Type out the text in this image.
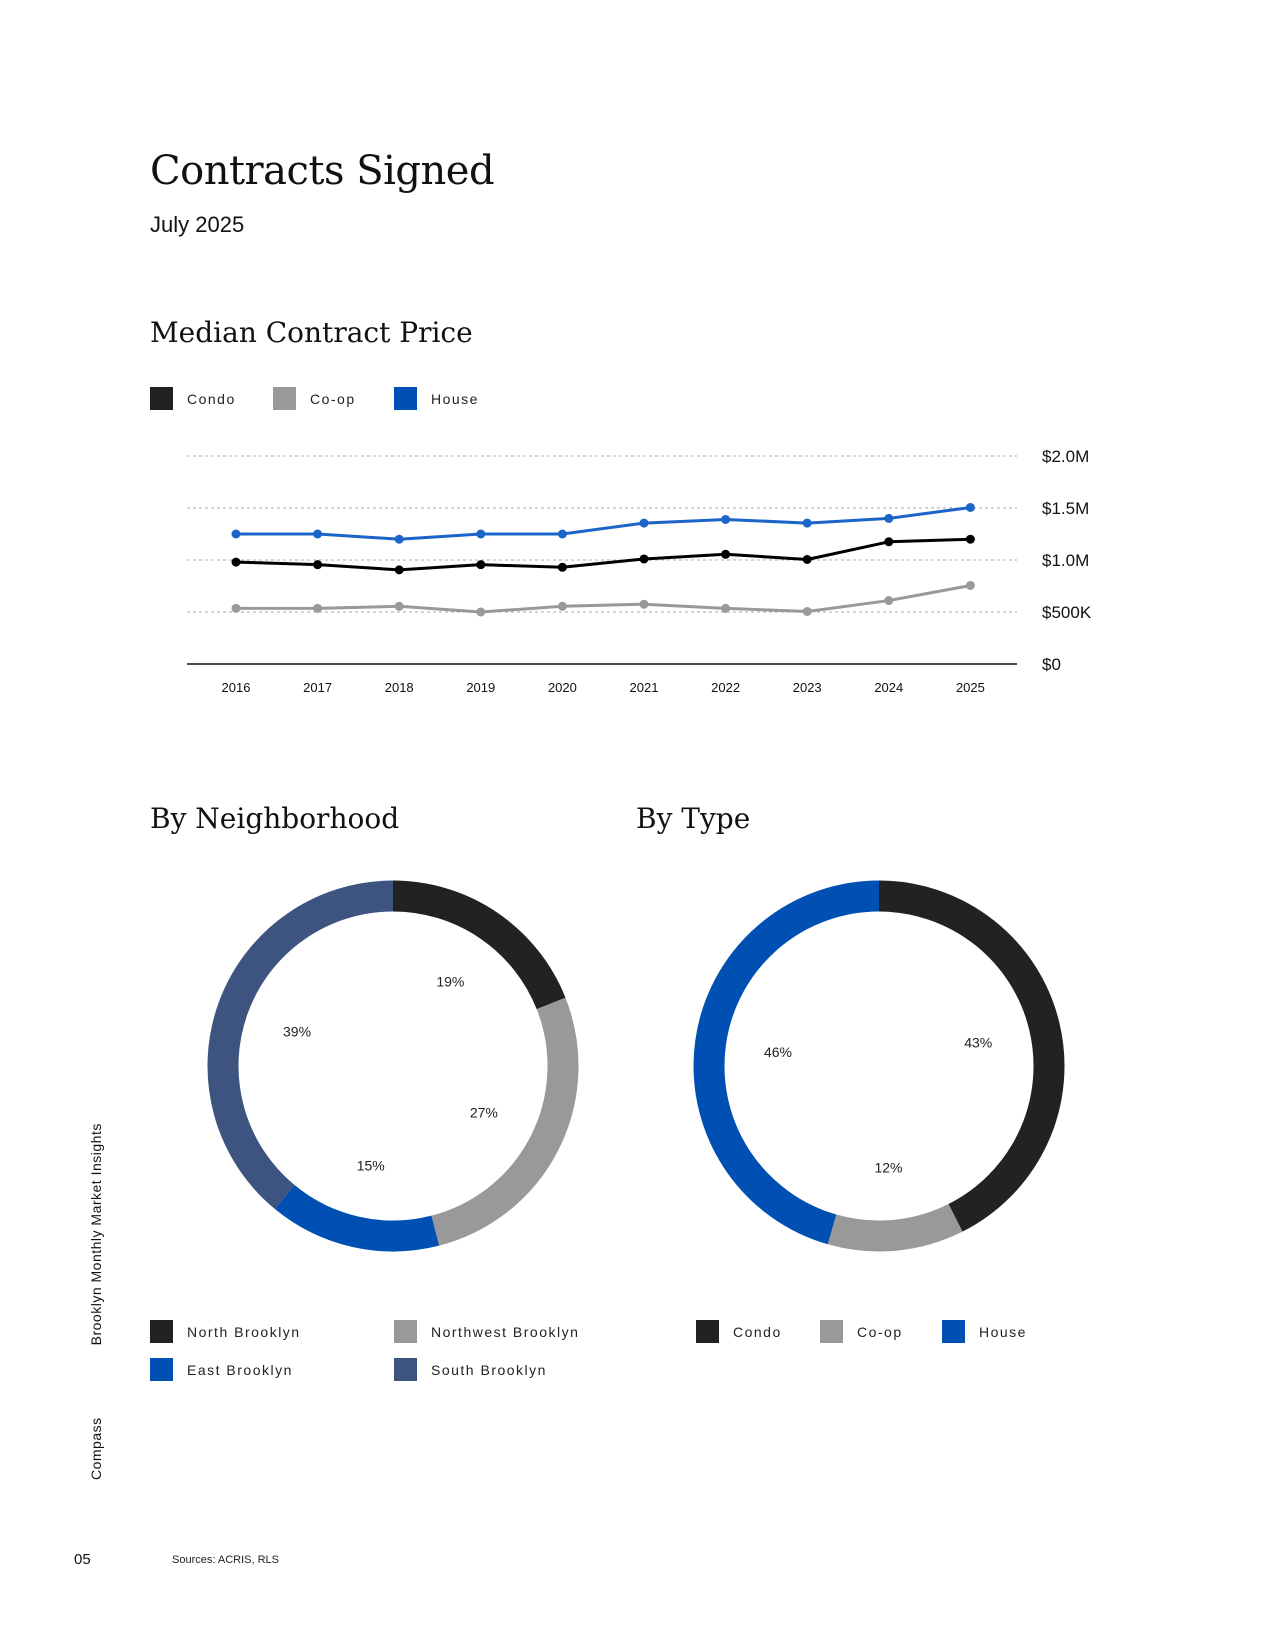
Contracts Signed
July 2025
Median Contract Price
Condo	Co-op	House
$0
$500K
$1.0M
$1.5M
$2.0M
2016	2017	2018	2019	2020	2021	2022	2023	2024	2025
By Neighborhood	By Type
19%
27%
15%
39%
43%
12%
46%
North Brooklyn	Northwest Brooklyn
East Brooklyn	South Brooklyn
Condo	Co-op	House
Compass
Brooklyn Monthly Market Insights
05	Sources: ACRIS, RLS
